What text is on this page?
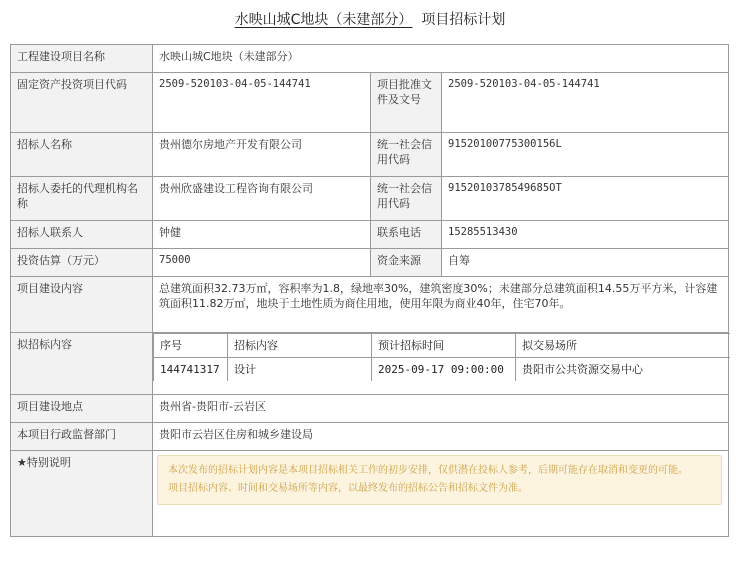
水映山城C地块（未建部分） 项目招标计划
工程建设项目名称	水映山城C地块（未建部分）
固定资产投资项目代码	2509-520103-04-05-144741	项目批准文件及文号	2509-520103-04-05-144741
招标人名称	贵州德尔房地产开发有限公司	统一社会信用代码	91520100775300156L
招标人委托的代理机构名称	贵州欣盛建设工程咨询有限公司	统一社会信用代码	9152010378549685OT
招标人联系人	钟健	联系电话	15285513430
投资估算（万元）	75000	资金来源	自筹
项目建设内容	总建筑面积32.73万㎡，容积率为1.8，绿地率30%，建筑密度30%；未建部分总建筑面积14.55万平方米，计容建筑面积11.82万㎡，地块于土地性质为商住用地，使用年限为商业40年，住宅70年。
拟招标内容		序号	招标内容	预计招标时间	拟交易场所
144741317	设计	2025-09-17 09:00:00	贵阳市公共资源交易中心

项目建设地点	贵州省-贵阳市-云岩区
本项目行政监督部门	贵阳市云岩区住房和城乡建设局
★特别说明	
本次发布的招标计划内容是本项目招标相关工作的初步安排，仅供潜在投标人参考，后期可能存在取消和变更的可能。
项目招标内容、时间和交易场所等内容，以最终发布的招标公告和招标文件为准。
